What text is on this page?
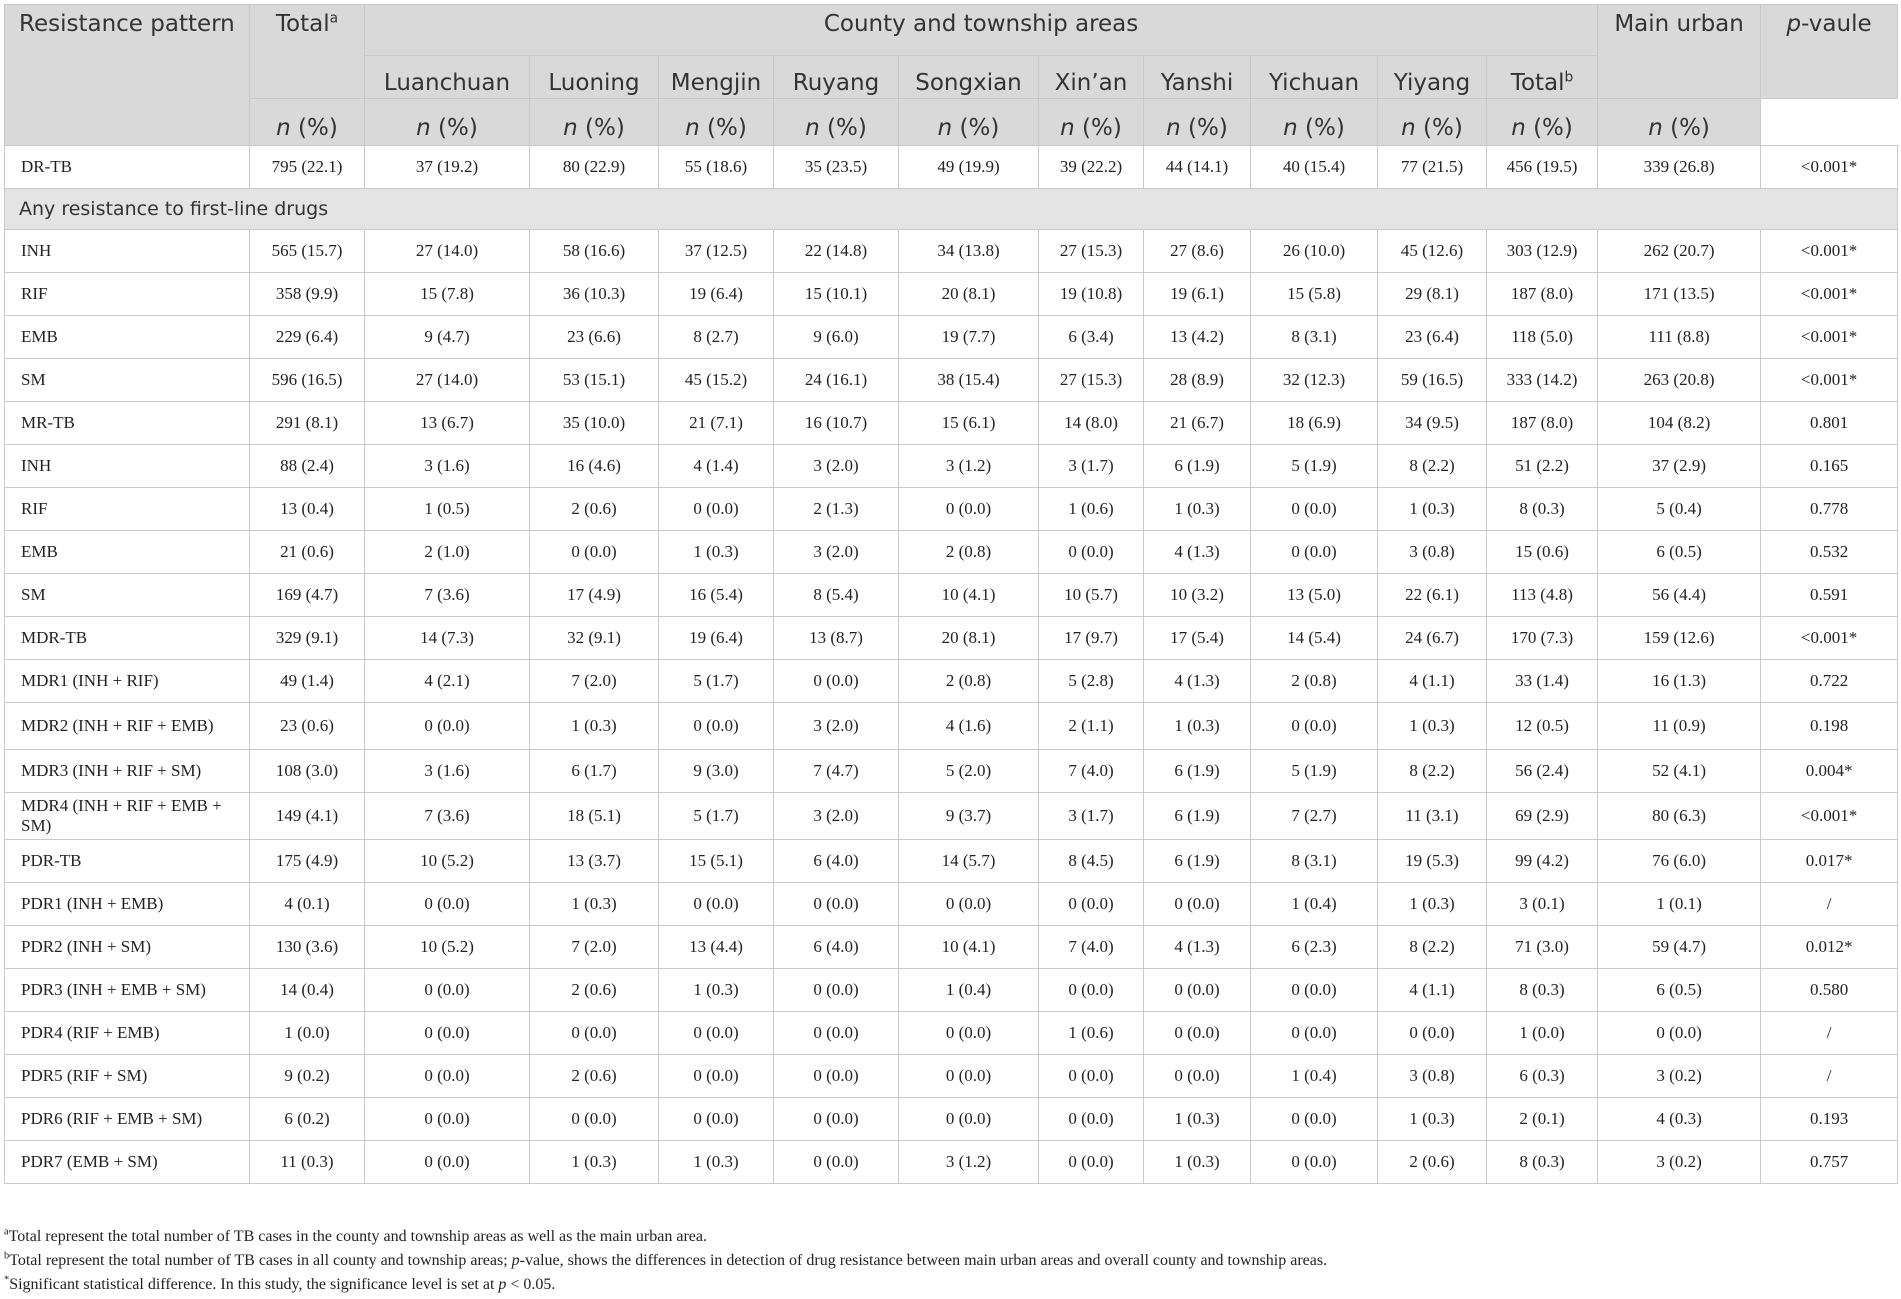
Resistance pattern	Total$^a$	County and township areas										Main urban	p-vaule
		Luanchuan	Luoning	Mengjin	Ruyang	Songxian	Xin’an	Yanshi	Yichuan	Yiyang	Total$^b$
	n (%)	n (%)	n (%)	n (%)	n (%)	n (%)	n (%)	n (%)	n (%)	n (%)	n (%)	n (%)	
DR-TB	795 (22.1)	37 (19.2)	80 (22.9)	55 (18.6)	35 (23.5)	49 (19.9)	39 (22.2)	44 (14.1)	40 (15.4)	77 (21.5)	456 (19.5)	339 (26.8)	<0.001*
Any resistance to first-line drugs													
INH	565 (15.7)	27 (14.0)	58 (16.6)	37 (12.5)	22 (14.8)	34 (13.8)	27 (15.3)	27 (8.6)	26 (10.0)	45 (12.6)	303 (12.9)	262 (20.7)	<0.001*
RIF	358 (9.9)	15 (7.8)	36 (10.3)	19 (6.4)	15 (10.1)	20 (8.1)	19 (10.8)	19 (6.1)	15 (5.8)	29 (8.1)	187 (8.0)	171 (13.5)	<0.001*
EMB	229 (6.4)	9 (4.7)	23 (6.6)	8 (2.7)	9 (6.0)	19 (7.7)	6 (3.4)	13 (4.2)	8 (3.1)	23 (6.4)	118 (5.0)	111 (8.8)	<0.001*
SM	596 (16.5)	27 (14.0)	53 (15.1)	45 (15.2)	24 (16.1)	38 (15.4)	27 (15.3)	28 (8.9)	32 (12.3)	59 (16.5)	333 (14.2)	263 (20.8)	<0.001*
MR-TB	291 (8.1)	13 (6.7)	35 (10.0)	21 (7.1)	16 (10.7)	15 (6.1)	14 (8.0)	21 (6.7)	18 (6.9)	34 (9.5)	187 (8.0)	104 (8.2)	0.801
INH	88 (2.4)	3 (1.6)	16 (4.6)	4 (1.4)	3 (2.0)	3 (1.2)	3 (1.7)	6 (1.9)	5 (1.9)	8 (2.2)	51 (2.2)	37 (2.9)	0.165
RIF	13 (0.4)	1 (0.5)	2 (0.6)	0 (0.0)	2 (1.3)	0 (0.0)	1 (0.6)	1 (0.3)	0 (0.0)	1 (0.3)	8 (0.3)	5 (0.4)	0.778
EMB	21 (0.6)	2 (1.0)	0 (0.0)	1 (0.3)	3 (2.0)	2 (0.8)	0 (0.0)	4 (1.3)	0 (0.0)	3 (0.8)	15 (0.6)	6 (0.5)	0.532
SM	169 (4.7)	7 (3.6)	17 (4.9)	16 (5.4)	8 (5.4)	10 (4.1)	10 (5.7)	10 (3.2)	13 (5.0)	22 (6.1)	113 (4.8)	56 (4.4)	0.591
MDR-TB	329 (9.1)	14 (7.3)	32 (9.1)	19 (6.4)	13 (8.7)	20 (8.1)	17 (9.7)	17 (5.4)	14 (5.4)	24 (6.7)	170 (7.3)	159 (12.6)	<0.001*
MDR1 (INH + RIF)	49 (1.4)	4 (2.1)	7 (2.0)	5 (1.7)	0 (0.0)	2 (0.8)	5 (2.8)	4 (1.3)	2 (0.8)	4 (1.1)	33 (1.4)	16 (1.3)	0.722
MDR2 (INH + RIF + EMB)	23 (0.6)	0 (0.0)	1 (0.3)	0 (0.0)	3 (2.0)	4 (1.6)	2 (1.1)	1 (0.3)	0 (0.0)	1 (0.3)	12 (0.5)	11 (0.9)	0.198
MDR3 (INH + RIF + SM)	108 (3.0)	3 (1.6)	6 (1.7)	9 (3.0)	7 (4.7)	5 (2.0)	7 (4.0)	6 (1.9)	5 (1.9)	8 (2.2)	56 (2.4)	52 (4.1)	0.004*
MDR4 (INH + RIF + EMB + SM)	149 (4.1)	7 (3.6)	18 (5.1)	5 (1.7)	3 (2.0)	9 (3.7)	3 (1.7)	6 (1.9)	7 (2.7)	11 (3.1)	69 (2.9)	80 (6.3)	<0.001*
PDR-TB	175 (4.9)	10 (5.2)	13 (3.7)	15 (5.1)	6 (4.0)	14 (5.7)	8 (4.5)	6 (1.9)	8 (3.1)	19 (5.3)	99 (4.2)	76 (6.0)	0.017*
PDR1 (INH + EMB)	4 (0.1)	0 (0.0)	1 (0.3)	0 (0.0)	0 (0.0)	0 (0.0)	0 (0.0)	0 (0.0)	1 (0.4)	1 (0.3)	3 (0.1)	1 (0.1)	/
PDR2 (INH + SM)	130 (3.6)	10 (5.2)	7 (2.0)	13 (4.4)	6 (4.0)	10 (4.1)	7 (4.0)	4 (1.3)	6 (2.3)	8 (2.2)	71 (3.0)	59 (4.7)	0.012*
PDR3 (INH + EMB + SM)	14 (0.4)	0 (0.0)	2 (0.6)	1 (0.3)	0 (0.0)	1 (0.4)	0 (0.0)	0 (0.0)	0 (0.0)	4 (1.1)	8 (0.3)	6 (0.5)	0.580
PDR4 (RIF + EMB)	1 (0.0)	0 (0.0)	0 (0.0)	0 (0.0)	0 (0.0)	0 (0.0)	1 (0.6)	0 (0.0)	0 (0.0)	0 (0.0)	1 (0.0)	0 (0.0)	/
PDR5 (RIF + SM)	9 (0.2)	0 (0.0)	2 (0.6)	0 (0.0)	0 (0.0)	0 (0.0)	0 (0.0)	0 (0.0)	1 (0.4)	3 (0.8)	6 (0.3)	3 (0.2)	/
PDR6 (RIF + EMB + SM)	6 (0.2)	0 (0.0)	0 (0.0)	0 (0.0)	0 (0.0)	0 (0.0)	0 (0.0)	1 (0.3)	0 (0.0)	1 (0.3)	2 (0.1)	4 (0.3)	0.193
PDR7 (EMB + SM)	11 (0.3)	0 (0.0)	1 (0.3)	1 (0.3)	0 (0.0)	3 (1.2)	0 (0.0)	1 (0.3)	0 (0.0)	2 (0.6)	8 (0.3)	3 (0.2)	0.757

$^a$Total represent the total number of TB cases in the county and township areas as well as the main urban area.

$^b$Total represent the total number of TB cases in all county and township areas; p-value, shows the differences in detection of drug resistance between main urban areas and overall county and township areas.

*Significant statistical difference. In this study, the significance level is set at p < 0.05.
